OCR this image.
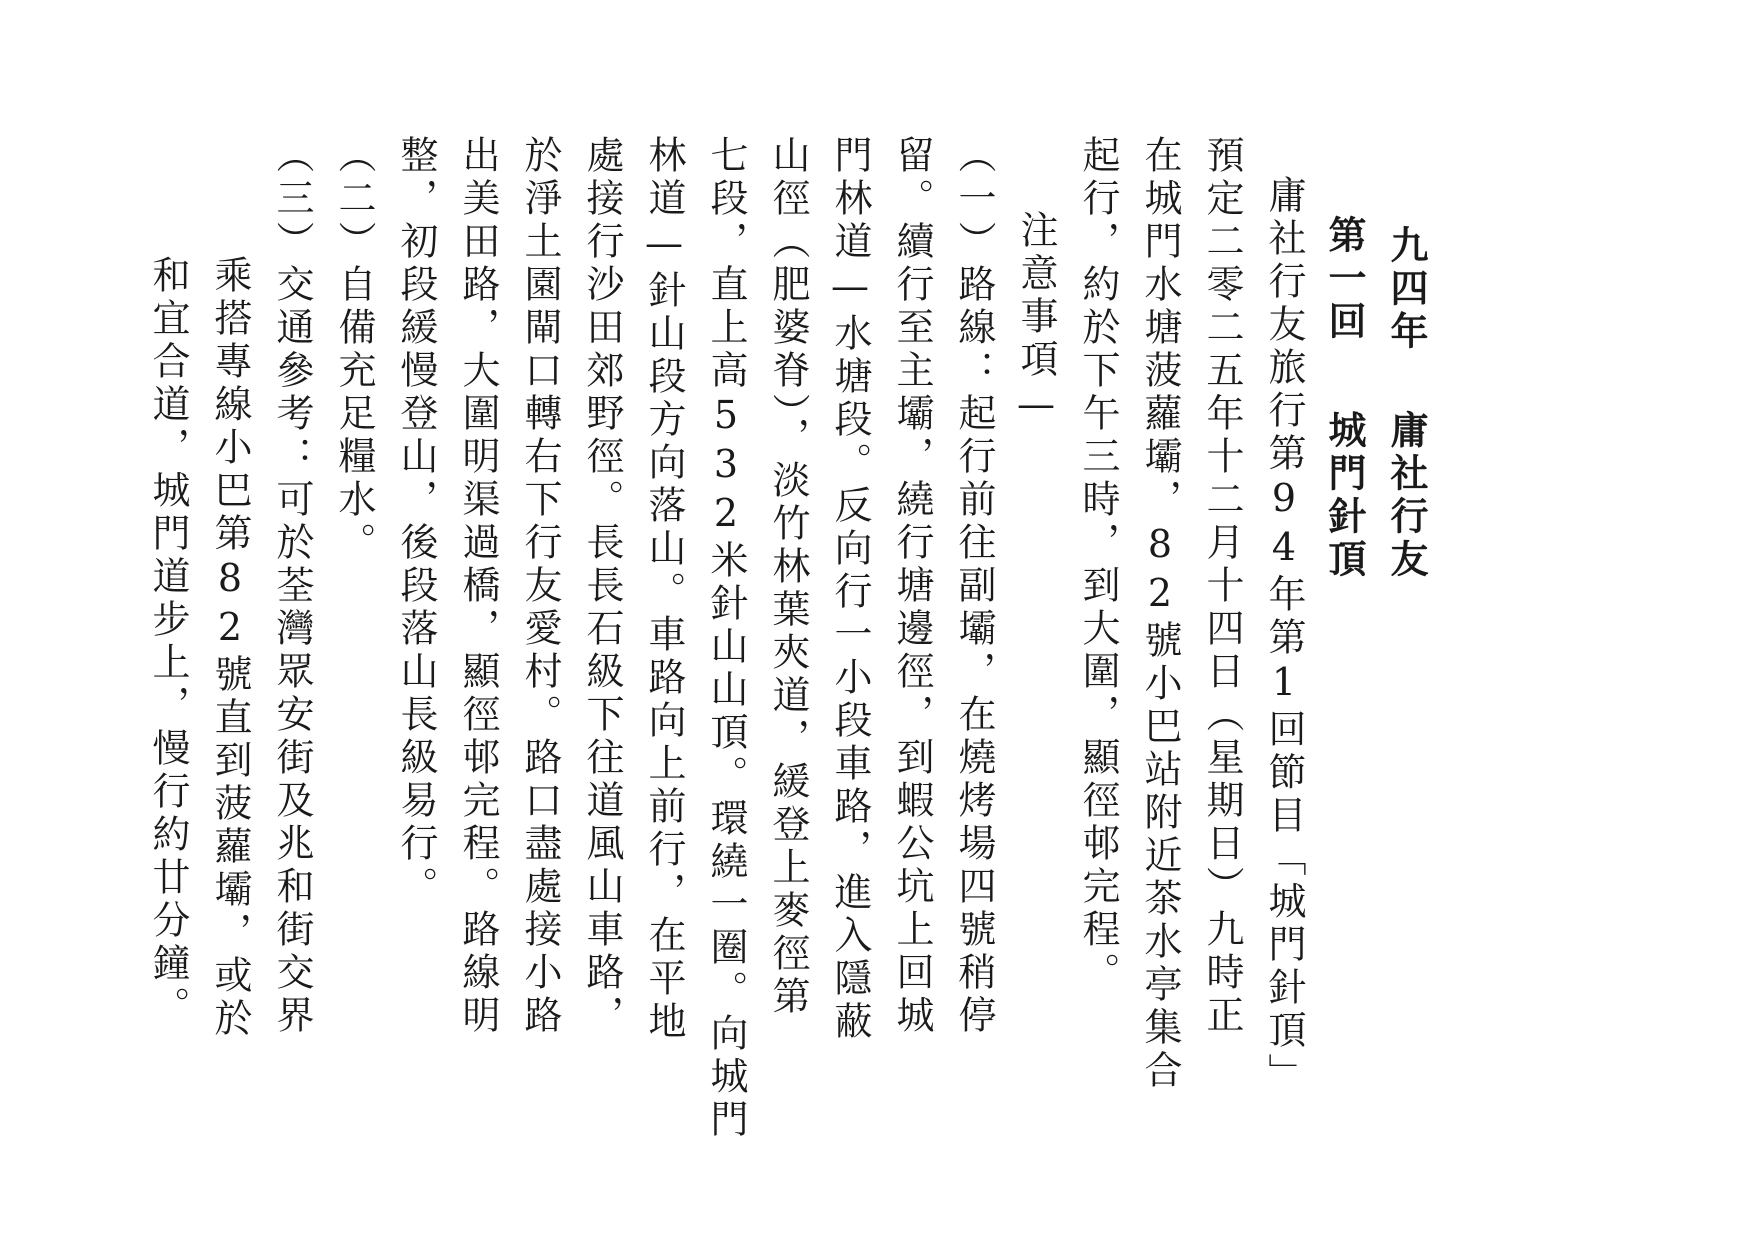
九四年
庸社行友
第一回
城門針頂
庸社行友旅行第94年第1回節目「城門針頂」
預定二零二五年十二月十四日（星期日）九時正
在城門水塘菠蘿壩，82號小巴站附近茶水亭集合
起行，約於下午三時，到大圍，顯徑邨完程。
注意事項—
（一）路線：起行前往副壩，在燒烤場四號稍停
留。續行至主壩，繞行塘邊徑，到蝦公坑上回城
門林道—水塘段。反向行一小段車路，進入隱蔽
山徑（肥婆脊），淡竹林葉夾道，緩登上麥徑第
七段，直上高532米針山山頂。環繞一圈。向城門
林道—針山段方向落山。車路向上前行，在平地
處接行沙田郊野徑。長長石級下往道風山車路，
於淨土園閘口轉右下行友愛村。路口盡處接小路
出美田路，大圍明渠過橋，顯徑邨完程。路線明
整，初段緩慢登山，後段落山長級易行。
（二）自備充足糧水。
（三）交通參考：可於荃灣眾安街及兆和街交界
乘搭專線小巴第82號直到菠蘿壩，或於
和宜合道，城門道步上，慢行約廿分鐘。
